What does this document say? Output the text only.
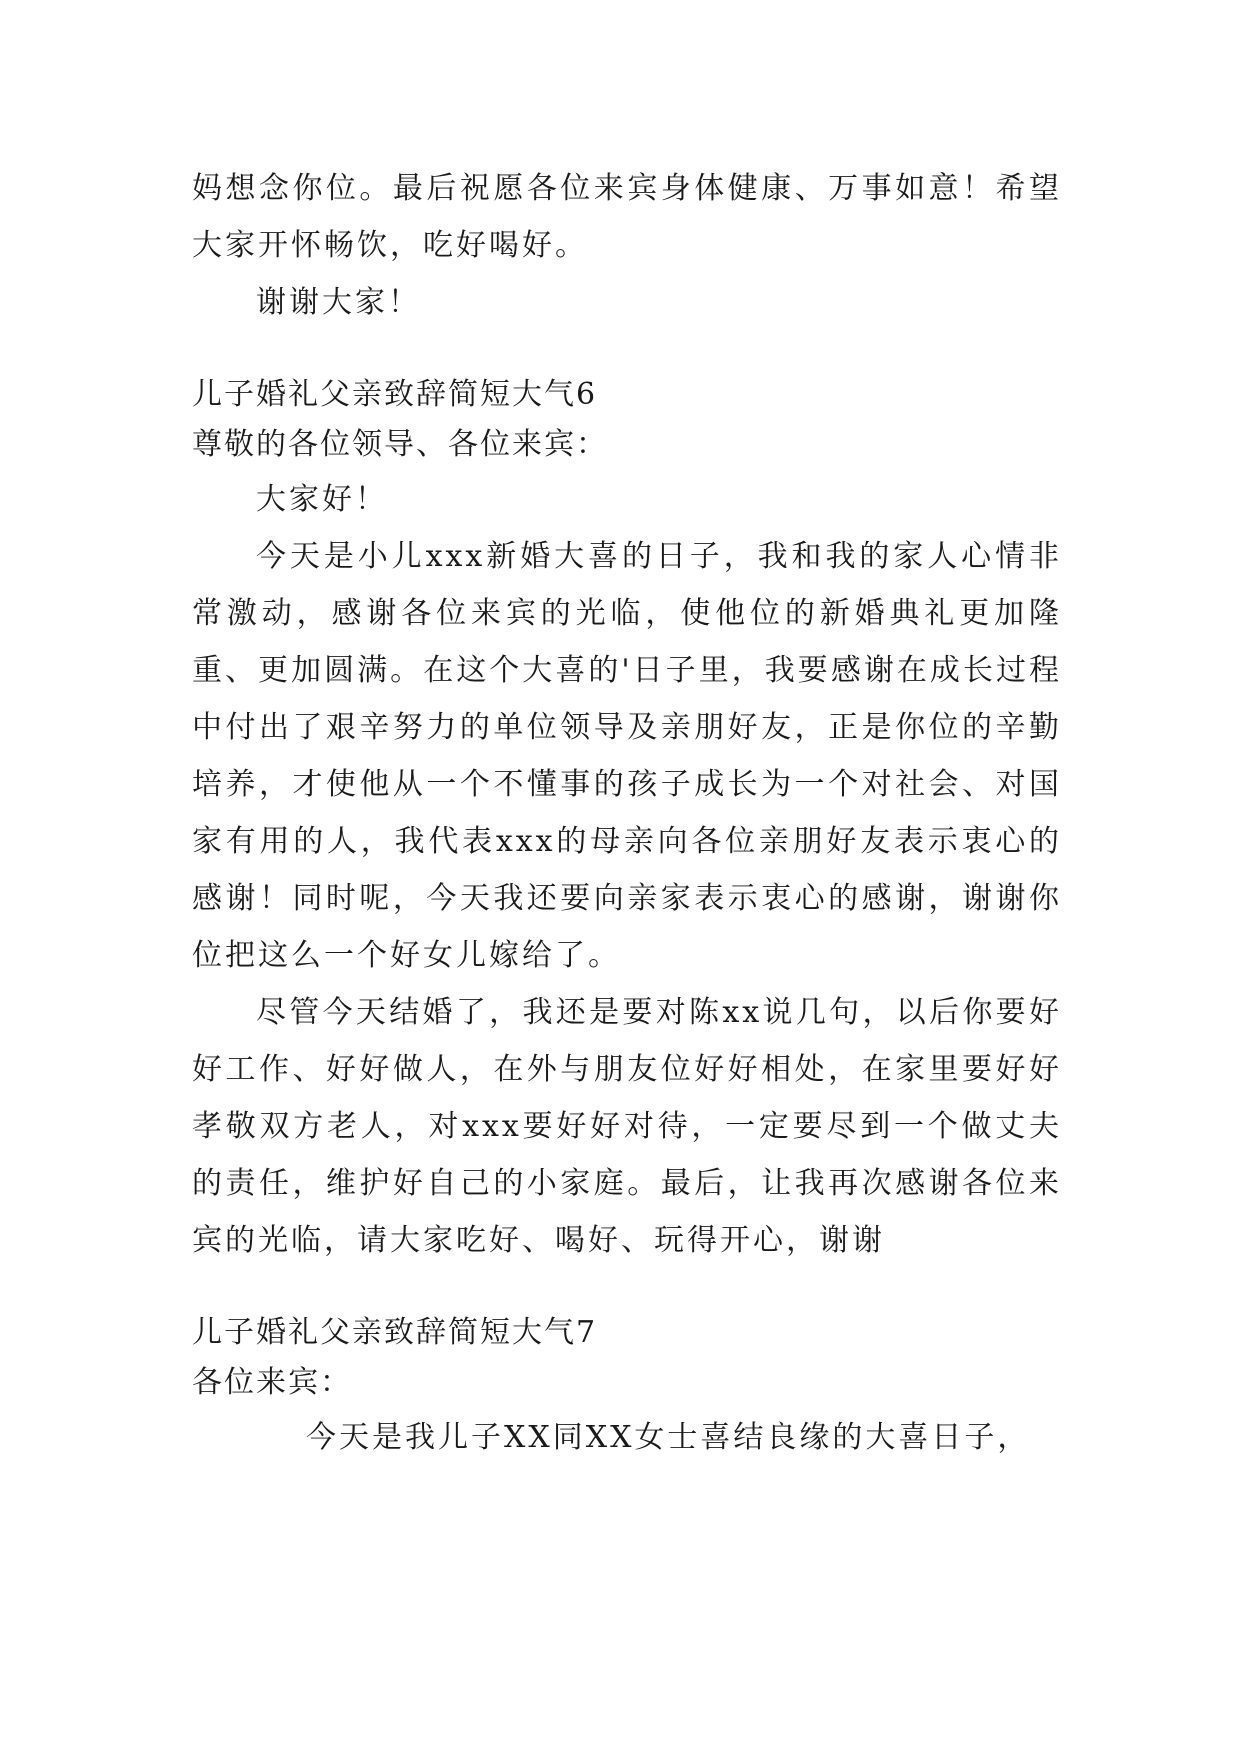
妈想念你位。最后祝愿各位来宾身体健康、万事如意！希望大家开怀畅饮，吃好喝好。

谢谢大家！

儿子婚礼父亲致辞简短大气6

尊敬的各位领导、各位来宾：

大家好！

今天是小儿xxx新婚大喜的日子，我和我的家人心情非常激动，感谢各位来宾的光临，使他位的新婚典礼更加隆重、更加圆满。在这个大喜的'日子里，我要感谢在成长过程中付出了艰辛努力的单位领导及亲朋好友，正是你位的辛勤培养，才使他从一个不懂事的孩子成长为一个对社会、对国家有用的人，我代表xxx的母亲向各位亲朋好友表示衷心的感谢！同时呢，今天我还要向亲家表示衷心的感谢，谢谢你位把这么一个好女儿嫁给了。

尽管今天结婚了，我还是要对陈xx说几句，以后你要好好工作、好好做人，在外与朋友位好好相处，在家里要好好孝敬双方老人，对xxx要好好对待，一定要尽到一个做丈夫的责任，维护好自己的小家庭。最后，让我再次感谢各位来宾的光临，请大家吃好、喝好、玩得开心，谢谢

儿子婚礼父亲致辞简短大气7

各位来宾：

今天是我儿子XX同XX女士喜结良缘的大喜日子，
